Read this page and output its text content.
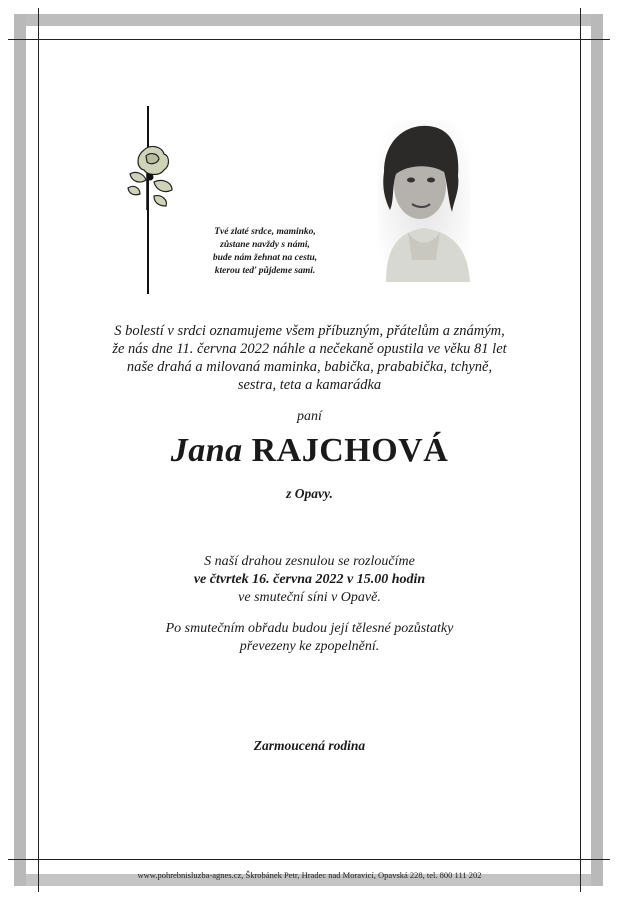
Tvé zlaté srdce, maminko,
zůstane navždy s námi,
bude nám žehnat na cestu,
kterou teď půjdeme sami.
S bolestí v srdci oznamujeme všem příbuzným, přátelům a známým,
že nás dne 11. června 2022 náhle a nečekaně opustila ve věku 81 let
naše drahá a milovaná maminka, babička, prababička, tchyně,
sestra, teta a kamarádka
paní
Jana RAJCHOVÁ
z Opavy.
S naší drahou zesnulou se rozloučíme
ve čtvrtek 16. června 2022 v 15.00 hodin
ve smuteční síni v Opavě.
Po smutečním obřadu budou její tělesné pozůstatky
převezeny ke zpopelnění.
Zarmoucená rodina
www.pohrebnisluzba-agnes.cz, Škrobánek Petr, Hradec nad Moravicí, Opavská 228, tel. 800 111 202
